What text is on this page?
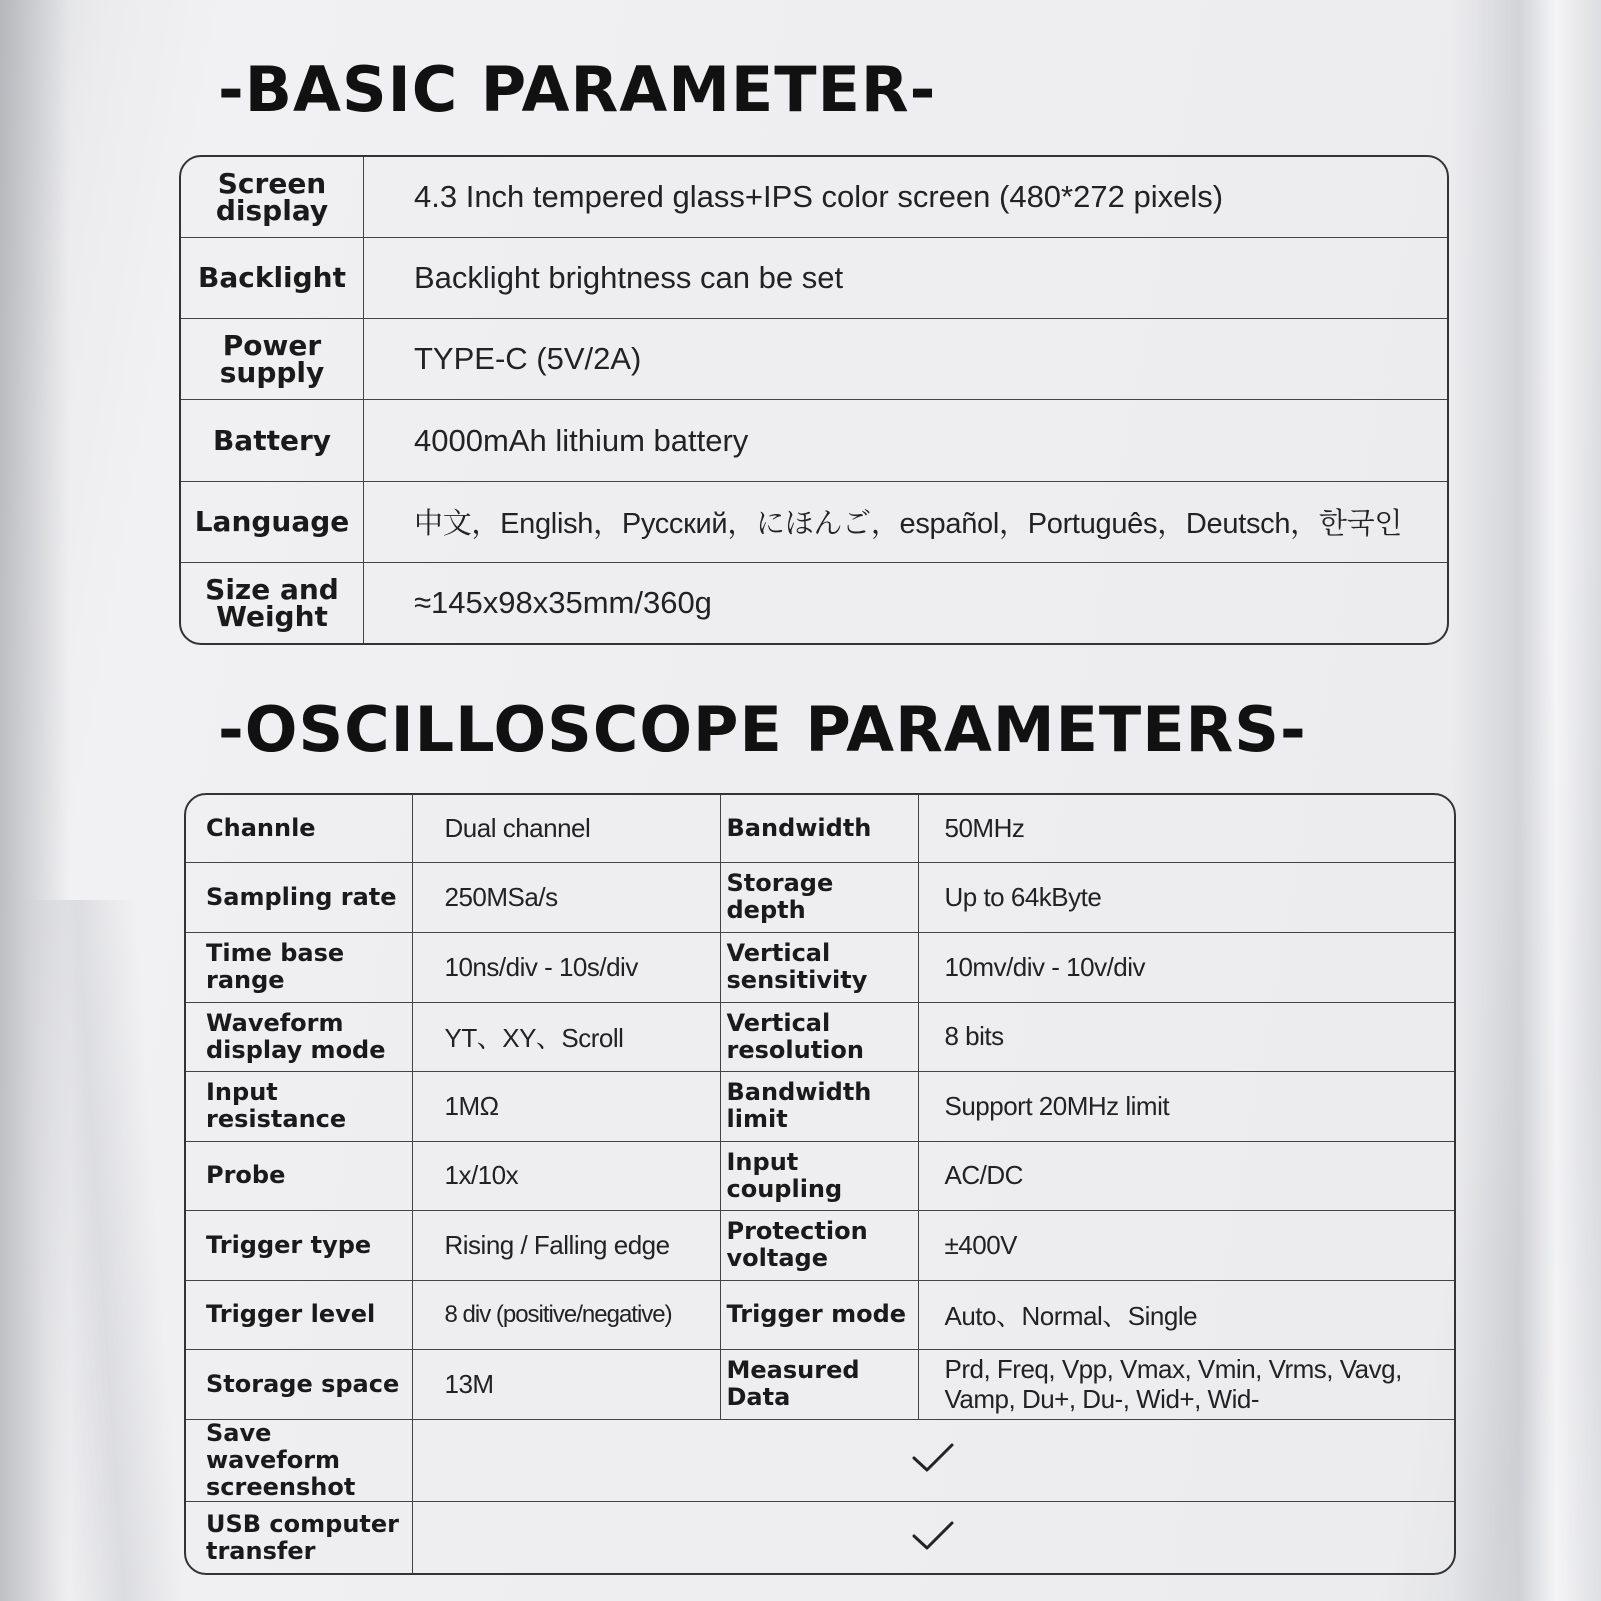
-BASIC PARAMETER-
Screen display	4.3 Inch tempered glass+IPS color screen (480*272 pixels)
Backlight	Backlight brightness can be set
Power supply	TYPE-C (5V/2A)
Battery	4000mAh lithium battery
Language	中文，English，Русский，にほんご，español，Português，Deutsch，한국인
Size and Weight	≈145x98x35mm/360g
-OSCILLOSCOPE PARAMETERS-
Channle	Dual channel	Bandwidth	50MHz
Sampling rate	250MSa/s	Storage depth	Up to 64kByte
Time base range	10ns/div - 10s/div	Vertical sensitivity	10mv/div - 10v/div
Waveform display mode	YT、XY、Scroll	Vertical resolution	8 bits
Input resistance	1MΩ	Bandwidth limit	Support 20MHz limit
Probe	1x/10x	Input coupling	AC/DC
Trigger type	Rising / Falling edge	Protection voltage	±400V
Trigger level	8 div (positive/negative)	Trigger mode	Auto、Normal、Single
Storage space	13M	Measured Data	Prd, Freq, Vpp, Vmax, Vmin, Vrms, Vavg, Vamp, Du+, Du-, Wid+, Wid-
Save waveform screenshot	
USB computer transfer	
